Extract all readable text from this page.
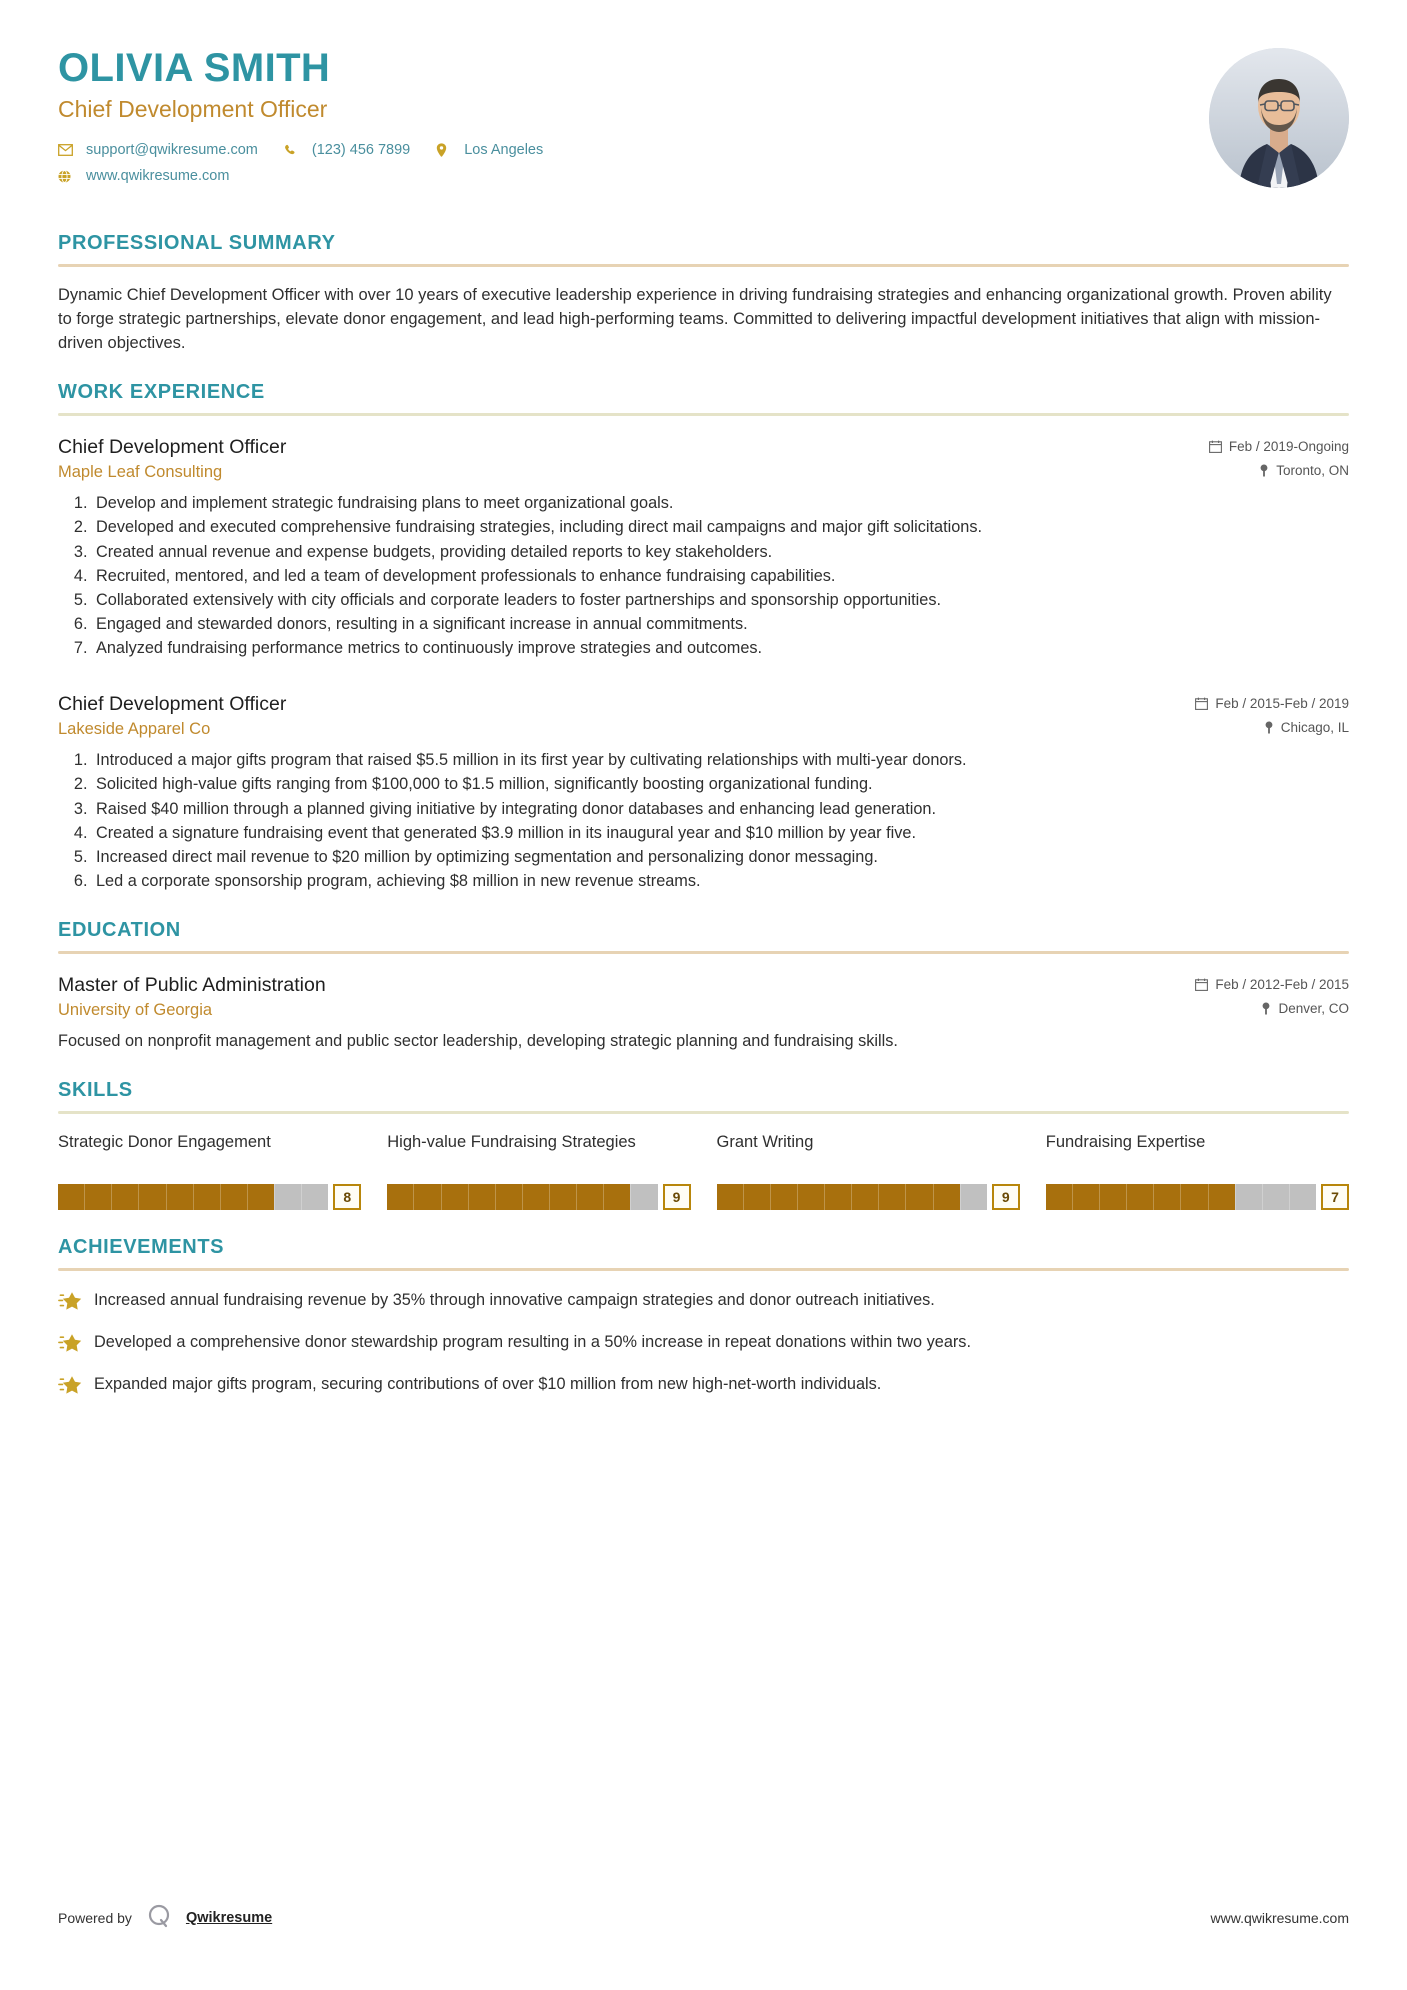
OLIVIA SMITH
Chief Development Officer
support@qwikresume.com	(123) 456 7899	Los Angeles
www.qwikresume.com
PROFESSIONAL SUMMARY
Dynamic Chief Development Officer with over 10 years of executive leadership experience in driving fundraising strategies and enhancing organizational growth. Proven ability to forge strategic partnerships, elevate donor engagement, and lead high-performing teams. Committed to delivering impactful development initiatives that align with mission-driven objectives.
WORK EXPERIENCE
Chief Development Officer	Feb / 2019-Ongoing
Maple Leaf Consulting	Toronto, ON
1. Develop and implement strategic fundraising plans to meet organizational goals.
2. Developed and executed comprehensive fundraising strategies, including direct mail campaigns and major gift solicitations.
3. Created annual revenue and expense budgets, providing detailed reports to key stakeholders.
4. Recruited, mentored, and led a team of development professionals to enhance fundraising capabilities.
5. Collaborated extensively with city officials and corporate leaders to foster partnerships and sponsorship opportunities.
6. Engaged and stewarded donors, resulting in a significant increase in annual commitments.
7. Analyzed fundraising performance metrics to continuously improve strategies and outcomes.
Chief Development Officer	Feb / 2015-Feb / 2019
Lakeside Apparel Co	Chicago, IL
1. Introduced a major gifts program that raised $5.5 million in its first year by cultivating relationships with multi-year donors.
2. Solicited high-value gifts ranging from $100,000 to $1.5 million, significantly boosting organizational funding.
3. Raised $40 million through a planned giving initiative by integrating donor databases and enhancing lead generation.
4. Created a signature fundraising event that generated $3.9 million in its inaugural year and $10 million by year five.
5. Increased direct mail revenue to $20 million by optimizing segmentation and personalizing donor messaging.
6. Led a corporate sponsorship program, achieving $8 million in new revenue streams.
EDUCATION
Master of Public Administration	Feb / 2012-Feb / 2015
University of Georgia	Denver, CO
Focused on nonprofit management and public sector leadership, developing strategic planning and fundraising skills.
SKILLS
Strategic Donor Engagement
8
High-value Fundraising Strategies
9
Grant Writing
9
Fundraising Expertise
7
ACHIEVEMENTS
Increased annual fundraising revenue by 35% through innovative campaign strategies and donor outreach initiatives.
Developed a comprehensive donor stewardship program resulting in a 50% increase in repeat donations within two years.
Expanded major gifts program, securing contributions of over $10 million from new high-net-worth individuals.
Powered by	Qwikresume	www.qwikresume.com
